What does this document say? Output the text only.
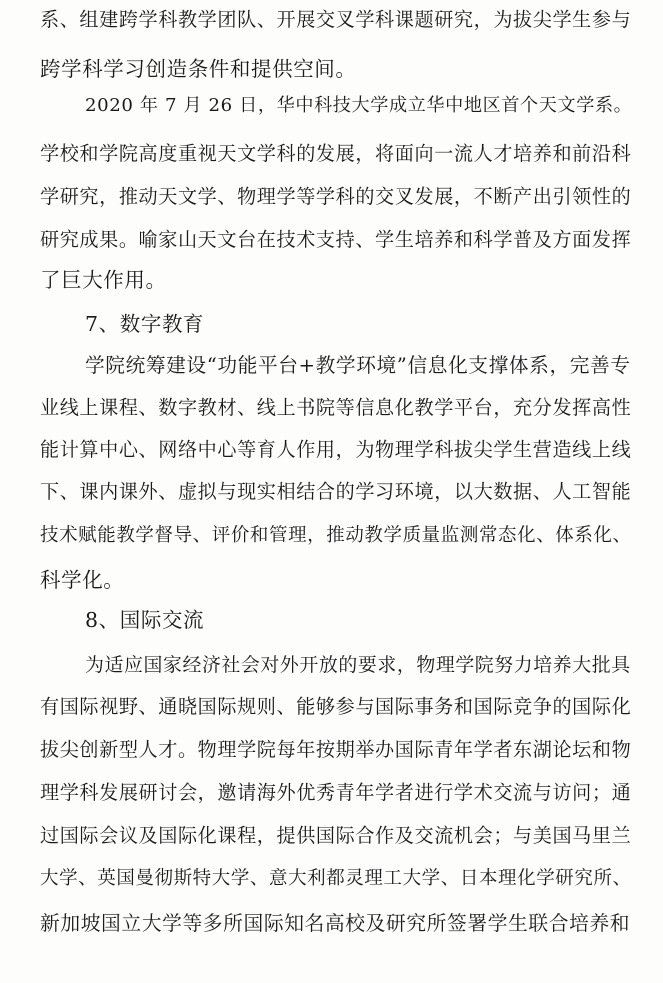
系、组建跨学科教学团队、开展交叉学科课题研究，为拔尖学生参与
跨学科学习创造条件和提供空间。
2020 年 7 月 26 日，华中科技大学成立华中地区首个天文学系。
学校和学院高度重视天文学科的发展，将面向一流人才培养和前沿科
学研究，推动天文学、物理学等学科的交叉发展，不断产出引领性的
研究成果。喻家山天文台在技术支持、学生培养和科学普及方面发挥
了巨大作用。
7、数字教育
学院统筹建设“功能平台+教学环境”信息化支撑体系，完善专
业线上课程、数字教材、线上书院等信息化教学平台，充分发挥高性
能计算中心、网络中心等育人作用，为物理学科拔尖学生营造线上线
下、课内课外、虚拟与现实相结合的学习环境，以大数据、人工智能
技术赋能教学督导、评价和管理，推动教学质量监测常态化、体系化、
科学化。
8、国际交流
为适应国家经济社会对外开放的要求，物理学院努力培养大批具
有国际视野、通晓国际规则、能够参与国际事务和国际竞争的国际化
拔尖创新型人才。物理学院每年按期举办国际青年学者东湖论坛和物
理学科发展研讨会，邀请海外优秀青年学者进行学术交流与访问；通
过国际会议及国际化课程，提供国际合作及交流机会；与美国马里兰
大学、英国曼彻斯特大学、意大利都灵理工大学、日本理化学研究所、
新加坡国立大学等多所国际知名高校及研究所签署学生联合培养和
